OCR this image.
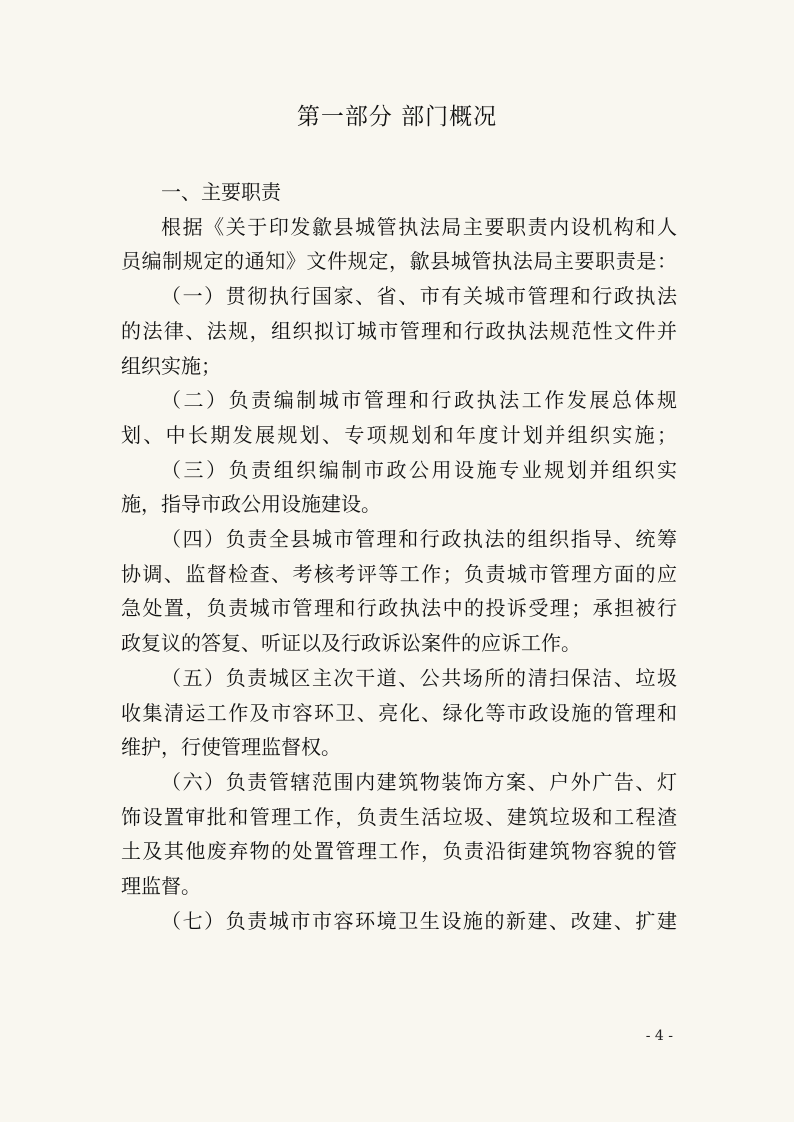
第一部分 部门概况
一、主要职责
根据《关于印发歙县城管执法局主要职责内设机构和人
员编制规定的通知》文件规定，歙县城管执法局主要职责是：
（一）贯彻执行国家、省、市有关城市管理和行政执法
的法律、法规，组织拟订城市管理和行政执法规范性文件并
组织实施；
（二）负责编制城市管理和行政执法工作发展总体规
划、中长期发展规划、专项规划和年度计划并组织实施；
（三）负责组织编制市政公用设施专业规划并组织实
施，指导市政公用设施建设。
（四）负责全县城市管理和行政执法的组织指导、统筹
协调、监督检查、考核考评等工作；负责城市管理方面的应
急处置，负责城市管理和行政执法中的投诉受理；承担被行
政复议的答复、听证以及行政诉讼案件的应诉工作。
（五）负责城区主次干道、公共场所的清扫保洁、垃圾
收集清运工作及市容环卫、亮化、绿化等市政设施的管理和
维护，行使管理监督权。
（六）负责管辖范围内建筑物装饰方案、户外广告、灯
饰设置审批和管理工作，负责生活垃圾、建筑垃圾和工程渣
土及其他废弃物的处置管理工作，负责沿街建筑物容貌的管
理监督。
（七）负责城市市容环境卫生设施的新建、改建、扩建
- 4 -
